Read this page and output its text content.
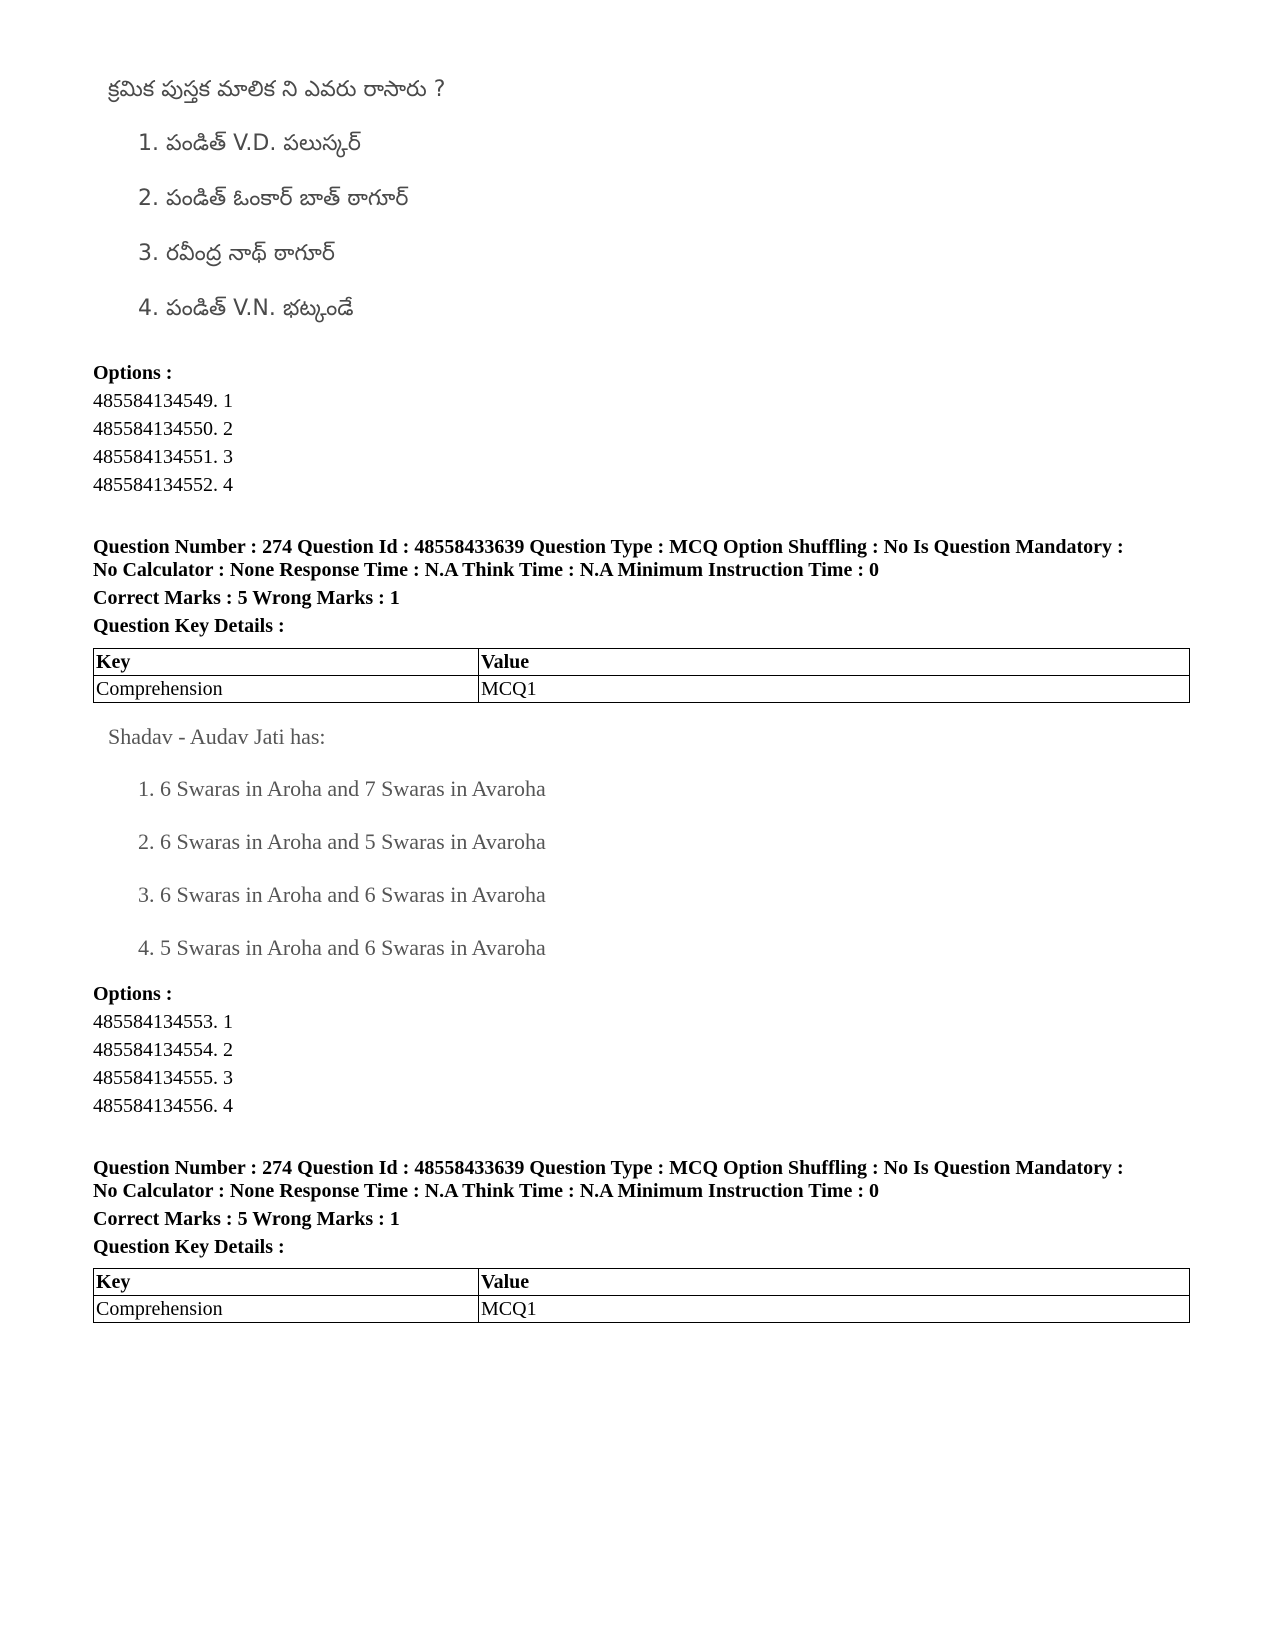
క్రమిక పుస్తక మాలిక ని ఎవరు రాసారు ?

1. పండిత్ V.D. పలుస్కర్
2. పండిత్ ఓంకార్ బాత్ ఠాగూర్
3. రవీంద్ర నాథ్ ఠాగూర్
4. పండిత్ V.N. భట్కండే

Options :

485584134549. 1

485584134550. 2

485584134551. 3

485584134552. 4

Question Number : 274 Question Id : 48558433639 Question Type : MCQ Option Shuffling : No Is Question Mandatory :

No Calculator : None Response Time : N.A Think Time : N.A Minimum Instruction Time : 0

Correct Marks : 5 Wrong Marks : 1

Question Key Details :

Key	Value
Comprehension	MCQ1

Shadav - Audav Jati has:

1. 6 Swaras in Aroha and 7 Swaras in Avaroha
2. 6 Swaras in Aroha and 5 Swaras in Avaroha
3. 6 Swaras in Aroha and 6 Swaras in Avaroha
4. 5 Swaras in Aroha and 6 Swaras in Avaroha

Options :

485584134553. 1

485584134554. 2

485584134555. 3

485584134556. 4

Question Number : 274 Question Id : 48558433639 Question Type : MCQ Option Shuffling : No Is Question Mandatory :

No Calculator : None Response Time : N.A Think Time : N.A Minimum Instruction Time : 0

Correct Marks : 5 Wrong Marks : 1

Question Key Details :

Key	Value
Comprehension	MCQ1
